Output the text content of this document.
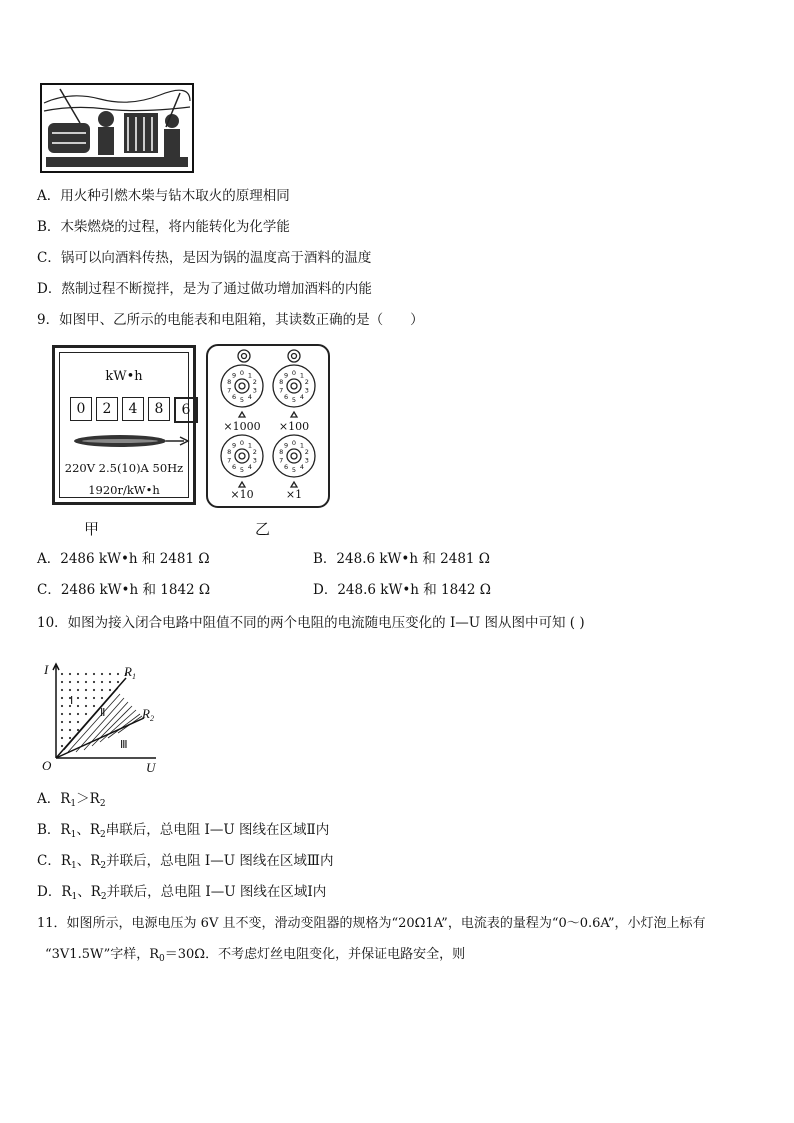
A．用火种引燃木柴与钻木取火的原理相同
B．木柴燃烧的过程，将内能转化为化学能
C．锅可以向酒料传热，是因为锅的温度高于酒料的温度
D．熬制过程不断搅拌，是为了通过做功增加酒料的内能
9．如图甲、乙所示的电能表和电阻箱，其读数正确的是（　　）
kW•h
0	2	4	8	6
220V 2.5(10)A 50Hz
1920r/kW•h
0 1
2
3
4
5
6
7
8
9	0 1
2
3
4
5
6
7
8
9
0 1
2
3
4
5
6
7
8
9	0 1
2
3
4
5
6
7
8
9
×1000	×100
×10	×1
甲	乙
A．2486 kW•h 和 2481 Ω	B．248.6 kW•h 和 2481 Ω
C．2486 kW•h 和 1842 Ω	D．248.6 kW•h 和 1842 Ω
10．如图为接入闭合电路中阻值不同的两个电阻的电流随电压变化的 I—U 图从图中可知 ( )
I
U
O
$R_1$
$R_2$
Ⅰ
Ⅱ
Ⅲ
A．$R_1>R_2$
B．$R_1$、$R_2$串联后，总电阻 I—U 图线在区域Ⅱ内
C．$R_1$、$R_2$并联后，总电阻 I—U 图线在区域Ⅲ内
D．$R_1$、$R_2$并联后，总电阻 I—U 图线在区域Ⅰ内
11．如图所示，电源电压为 6V 且不变，滑动变阻器的规格为“20Ω1A”，电流表的量程为“0～0.6A”，小灯泡上标有
“3V1.5W”字样，$R_0=30\Omega$．不考虑灯丝电阻变化，并保证电路安全，则
